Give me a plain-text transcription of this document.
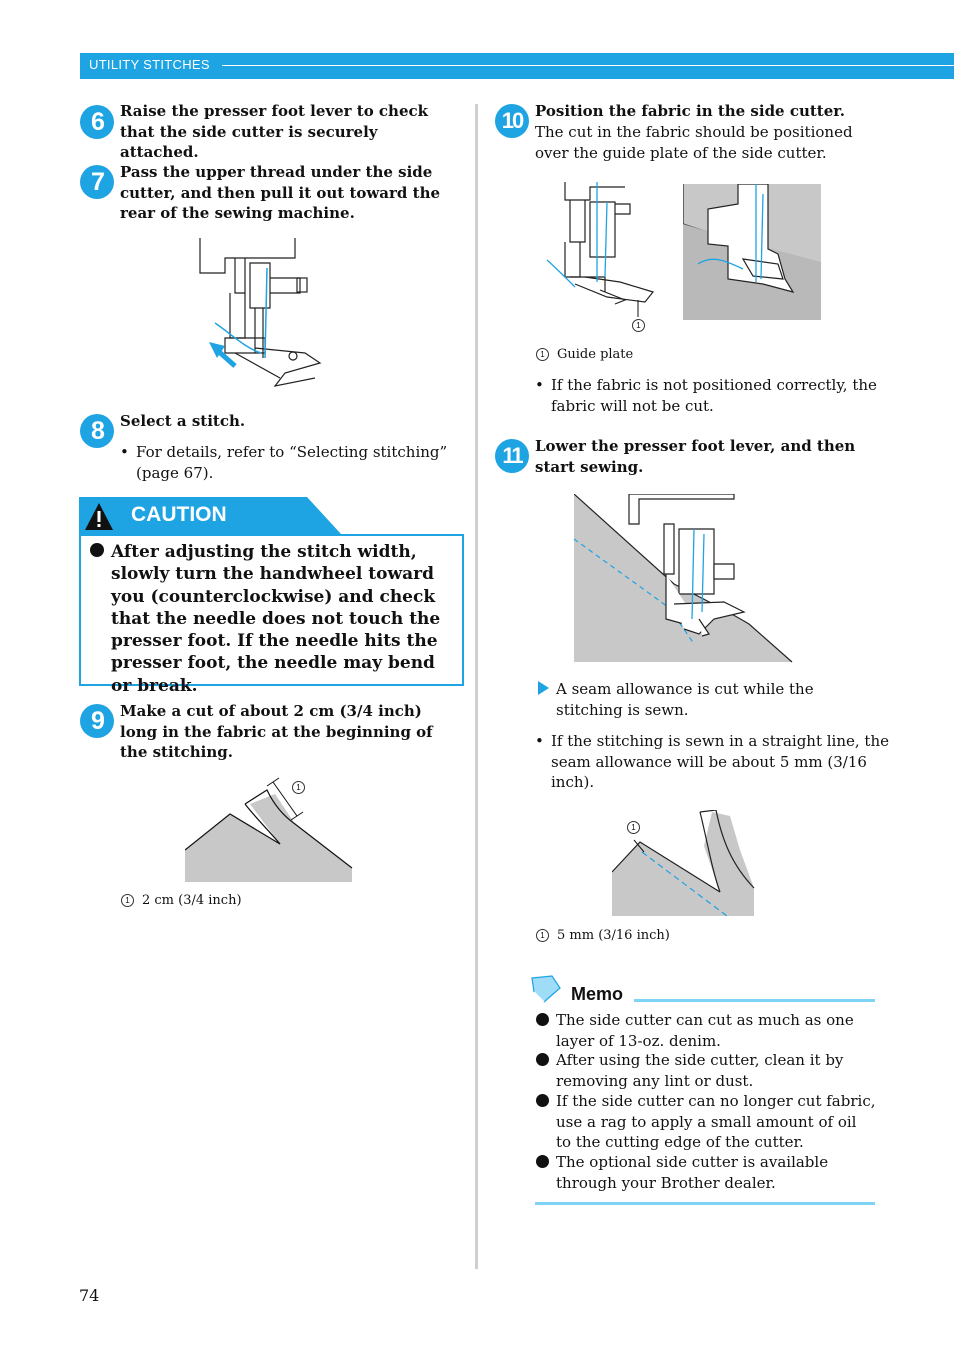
UTILITY STITCHES
6	Raise the presser foot lever to check that the side cutter is securely attached.
7	Pass the upper thread under the side cutter, and then pull it out toward the rear of the sewing machine.
8	Select a stitch.
• For details, refer to “Selecting stitching” (page 67).
CAUTION
After adjusting the stitch width, slowly turn the handwheel toward you (counterclockwise) and check that the needle does not touch the presser foot. If the needle hits the presser foot, the needle may bend or break.
9	Make a cut of about 2 cm (3/4 inch) long in the fabric at the beginning of the stitching.
1
1 2 cm (3/4 inch)
10 Position the fabric in the side cutter.
The cut in the fabric should be positioned over the guide plate of the side cutter.
1
1 Guide plate
• If the fabric is not positioned correctly, the fabric will not be cut.
11 Lower the presser foot lever, and then start sewing.
A seam allowance is cut while the stitching is sewn.
• If the stitching is sewn in a straight line, the seam allowance will be about 5 mm (3/16 inch).
1
1 5 mm (3/16 inch)
Memo
The side cutter can cut as much as one layer of 13-oz. denim.
After using the side cutter, clean it by removing any lint or dust.
If the side cutter can no longer cut fabric, use a rag to apply a small amount of oil to the cutting edge of the cutter.
The optional side cutter is available through your Brother dealer.
74
